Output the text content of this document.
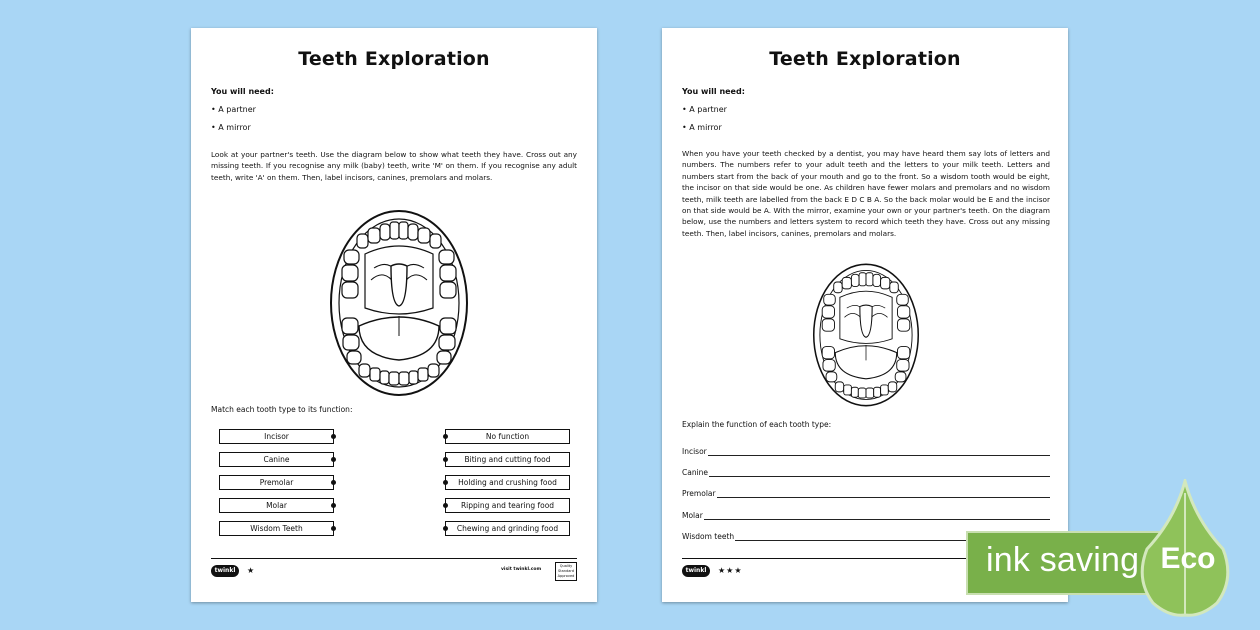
Teeth Exploration
You will need:
• A partner
• A mirror
Look at your partner's teeth. Use the diagram below to show what teeth they have. Cross out any missing teeth. If you recognise any milk (baby) teeth, write 'M' on them. If you recognise any adult teeth, write 'A' on them. Then, label incisors, canines, premolars and molars.
Match each tooth type to its function:
Incisor
Canine
Premolar
Molar
Wisdom Teeth
No function
Biting and cutting food
Holding and crushing food
Ripping and tearing food
Chewing and grinding food
twinkl	★	visit twinkl.com
Quality Standard Approved
Teeth Exploration
You will need:
• A partner
• A mirror
When you have your teeth checked by a dentist, you may have heard them say lots of letters and numbers. The numbers refer to your adult teeth and the letters to your milk teeth. Letters and numbers start from the back of your mouth and go to the front. So a wisdom tooth would be eight, the incisor on that side would be one. As children have fewer molars and premolars and no wisdom teeth, milk teeth are labelled from the back E D C B A. So the back molar would be E and the incisor on that side would be A. With the mirror, examine your own or your partner's teeth. On the diagram below, use the numbers and letters system to record which teeth they have. Cross out any missing teeth. Then, label incisors, canines, premolars and molars.
Explain the function of each tooth type:
Incisor
Canine
Premolar
Molar
Wisdom teeth
twinkl	★★★	ink saving Eco
